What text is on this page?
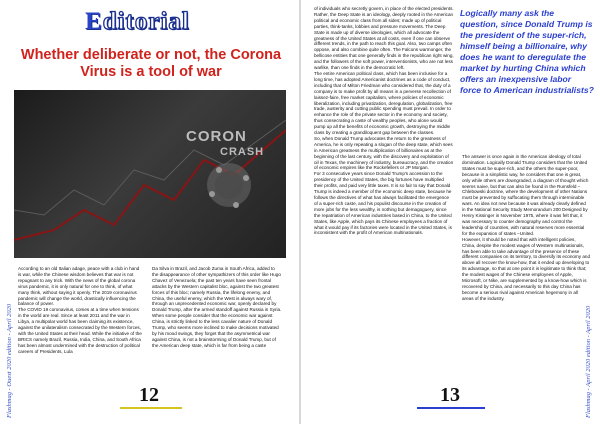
Flashmag - Ouest 2020 edition - April 2020
Editorial
Whether deliberate or not, the Corona Virus is a tool of war
CORON
CRASH
According to an old Italian adage, peace with a club in hand is war, while the Chinese wisdom believes that war is not repugnant to any trick. With the news of the global corona virus pandemic, it is only natural for one to think, of what many think, without saying it openly. The 2019 coronavirus pandemic will change the world, drastically influencing the balance of power.
The COVID 19 coronavirus, comes at a time when tensions in the world are real. Since at least 2011 and the war in Libya, a multipolar world has been claiming its existence, against the unilateralism consecrated by the Western forces, with the United States at their head. While the initiative of the BRICS namely Brazil, Russia, India, China, and South Africa has been almost undermined with the destruction of political careers of Presidents, Lula
Da Silva in Brazil, and Jacob Zuma in South Africa, added to the disappearance of other sympathizers of this order like Hugo Chavez of Venezuela; the past ten years have seen frontal attacks by the Western capitalist bloc, against the two greatest forces of this bloc; namely Russia, the lifelong enemy, and China, the useful enemy, which the West is always wary of, through an unprecedented economic war, openly declared by Donald Trump, after the armed standoff against Russia in Syria.
When some people consider that the economic war against China, is strictly linked to the less cavalier nature of Donald Trump, who seems more inclined to make decisions motivated by his mood swings, they forget that the asymmetrical war against China, is not a brainstorming of Donald Trump, but of the American deep state, which is far from being a caste
12
of individuals who secretly govern, in place of the elected presidents. Rather, the Deep State is an ideology, deeply rooted in the American political and economic class from all sides; made up of political parties, think-tanks, lobbies and pressure movements. The Deep State is made up of diverse ideologies, which all advocate the greatness of the United States at all costs, even if one can observe different trends, in the path to reach this goal. Also, two camps often oppose, and also combine quite often. The Falcons warmonger, the bellicose entities that one generally finds in the republican right wing, and the followers of the soft power, interventionists, who are not less warlike, than one finds in the democratic left.
The entire American political class, which has been inclusive for a long time, has adopted Americanist doctrines as a code of conduct, including that of Milton Friedman who considered that, the duty of a company is to make profit by all means in a perverse recollection of laissez-faire, free market capitalism, where policies of economic liberalization, including privatization, deregulation, globalization, free trade, austerity and cutting public spending must prevail. In order to enhance the role of the private sector in the economy and society, thus consecrating a caste of wealthy peoples, who alone would pump up all the benefits of economic growth, destroying the middle class by creating a grandiloquent gap between the classes.
So, when Donald Trump advocates the return to the greatness of America, he is only repeating a slogan of the deep state, which sees in American greatness the multiplication of billionaires as at the beginning of the last century, with the discovery and exploitation of oil in Texas, the machinery of industry, bureaucracy, and the creation of economic empires like the Rockefellers or JP Morgan.
For 3 consecutive years since Donald Trump's accession to the presidency of the United States, the big fortunes have multiplied their profits, and paid very little taxes. It is so fair to say that Donald Trump is indeed a member of the economic deep state, because he follows the directives of what has always facilitated the emergence of a super-rich caste, and his populist discourse in the creation of more jobs for the less wealthy, is nothing but demagoguery, since the repatriation of American industries based in China, to the United States, like Apple, which pays its Chinese employees a fraction of what it would pay if its factories were located in the United States, is inconsistent with the profit of American multinationals.
13
Logically many ask the question, since Donald Trump is the president of the super-rich, himself being a billionaire, why does he want to deregulate the market by hurting China which offers an inexpensive labor force to American industrialists?
The answer is once again in the American ideology of total domination. Logically Donald Trump considers that the United States must be super-rich, and the others the super-poor, because in a simplistic way, he considers that one is great, only while others are downgraded, a diagram of thought which seems naive, but that can also be found in the Rumsfeld – Chlebowski doctrine, where the development of other Nations must be prevented by suffocating them through interminable wars. An idea not new because it was already clearly defined in the National Security Study Memorandum 200 Designed by Henry Kissinger in November 1975, where it was felt that, it was necessary to counter demography and control the leadership of countries, with natural reserves more essential for the expansion of states –United.
However, it should be noted that with intelligent policies, China, despite the modest wages of Western multinationals, has been able to take advantage of the presence of these different companies on its territory, to diversify its economy and above all recover the know-how, that it ended up developing to its advantage, so that at one point it is legitimate to think that; the modest wages of the Chinese employees of Apple, Microsoft, or Nike, are supplemented by a know-how which is recovered by China, and necessarily to this day China has become a serious rival against American hegemony in all areas of the industry.
Flashmag - April 2020 edition - April 2020
